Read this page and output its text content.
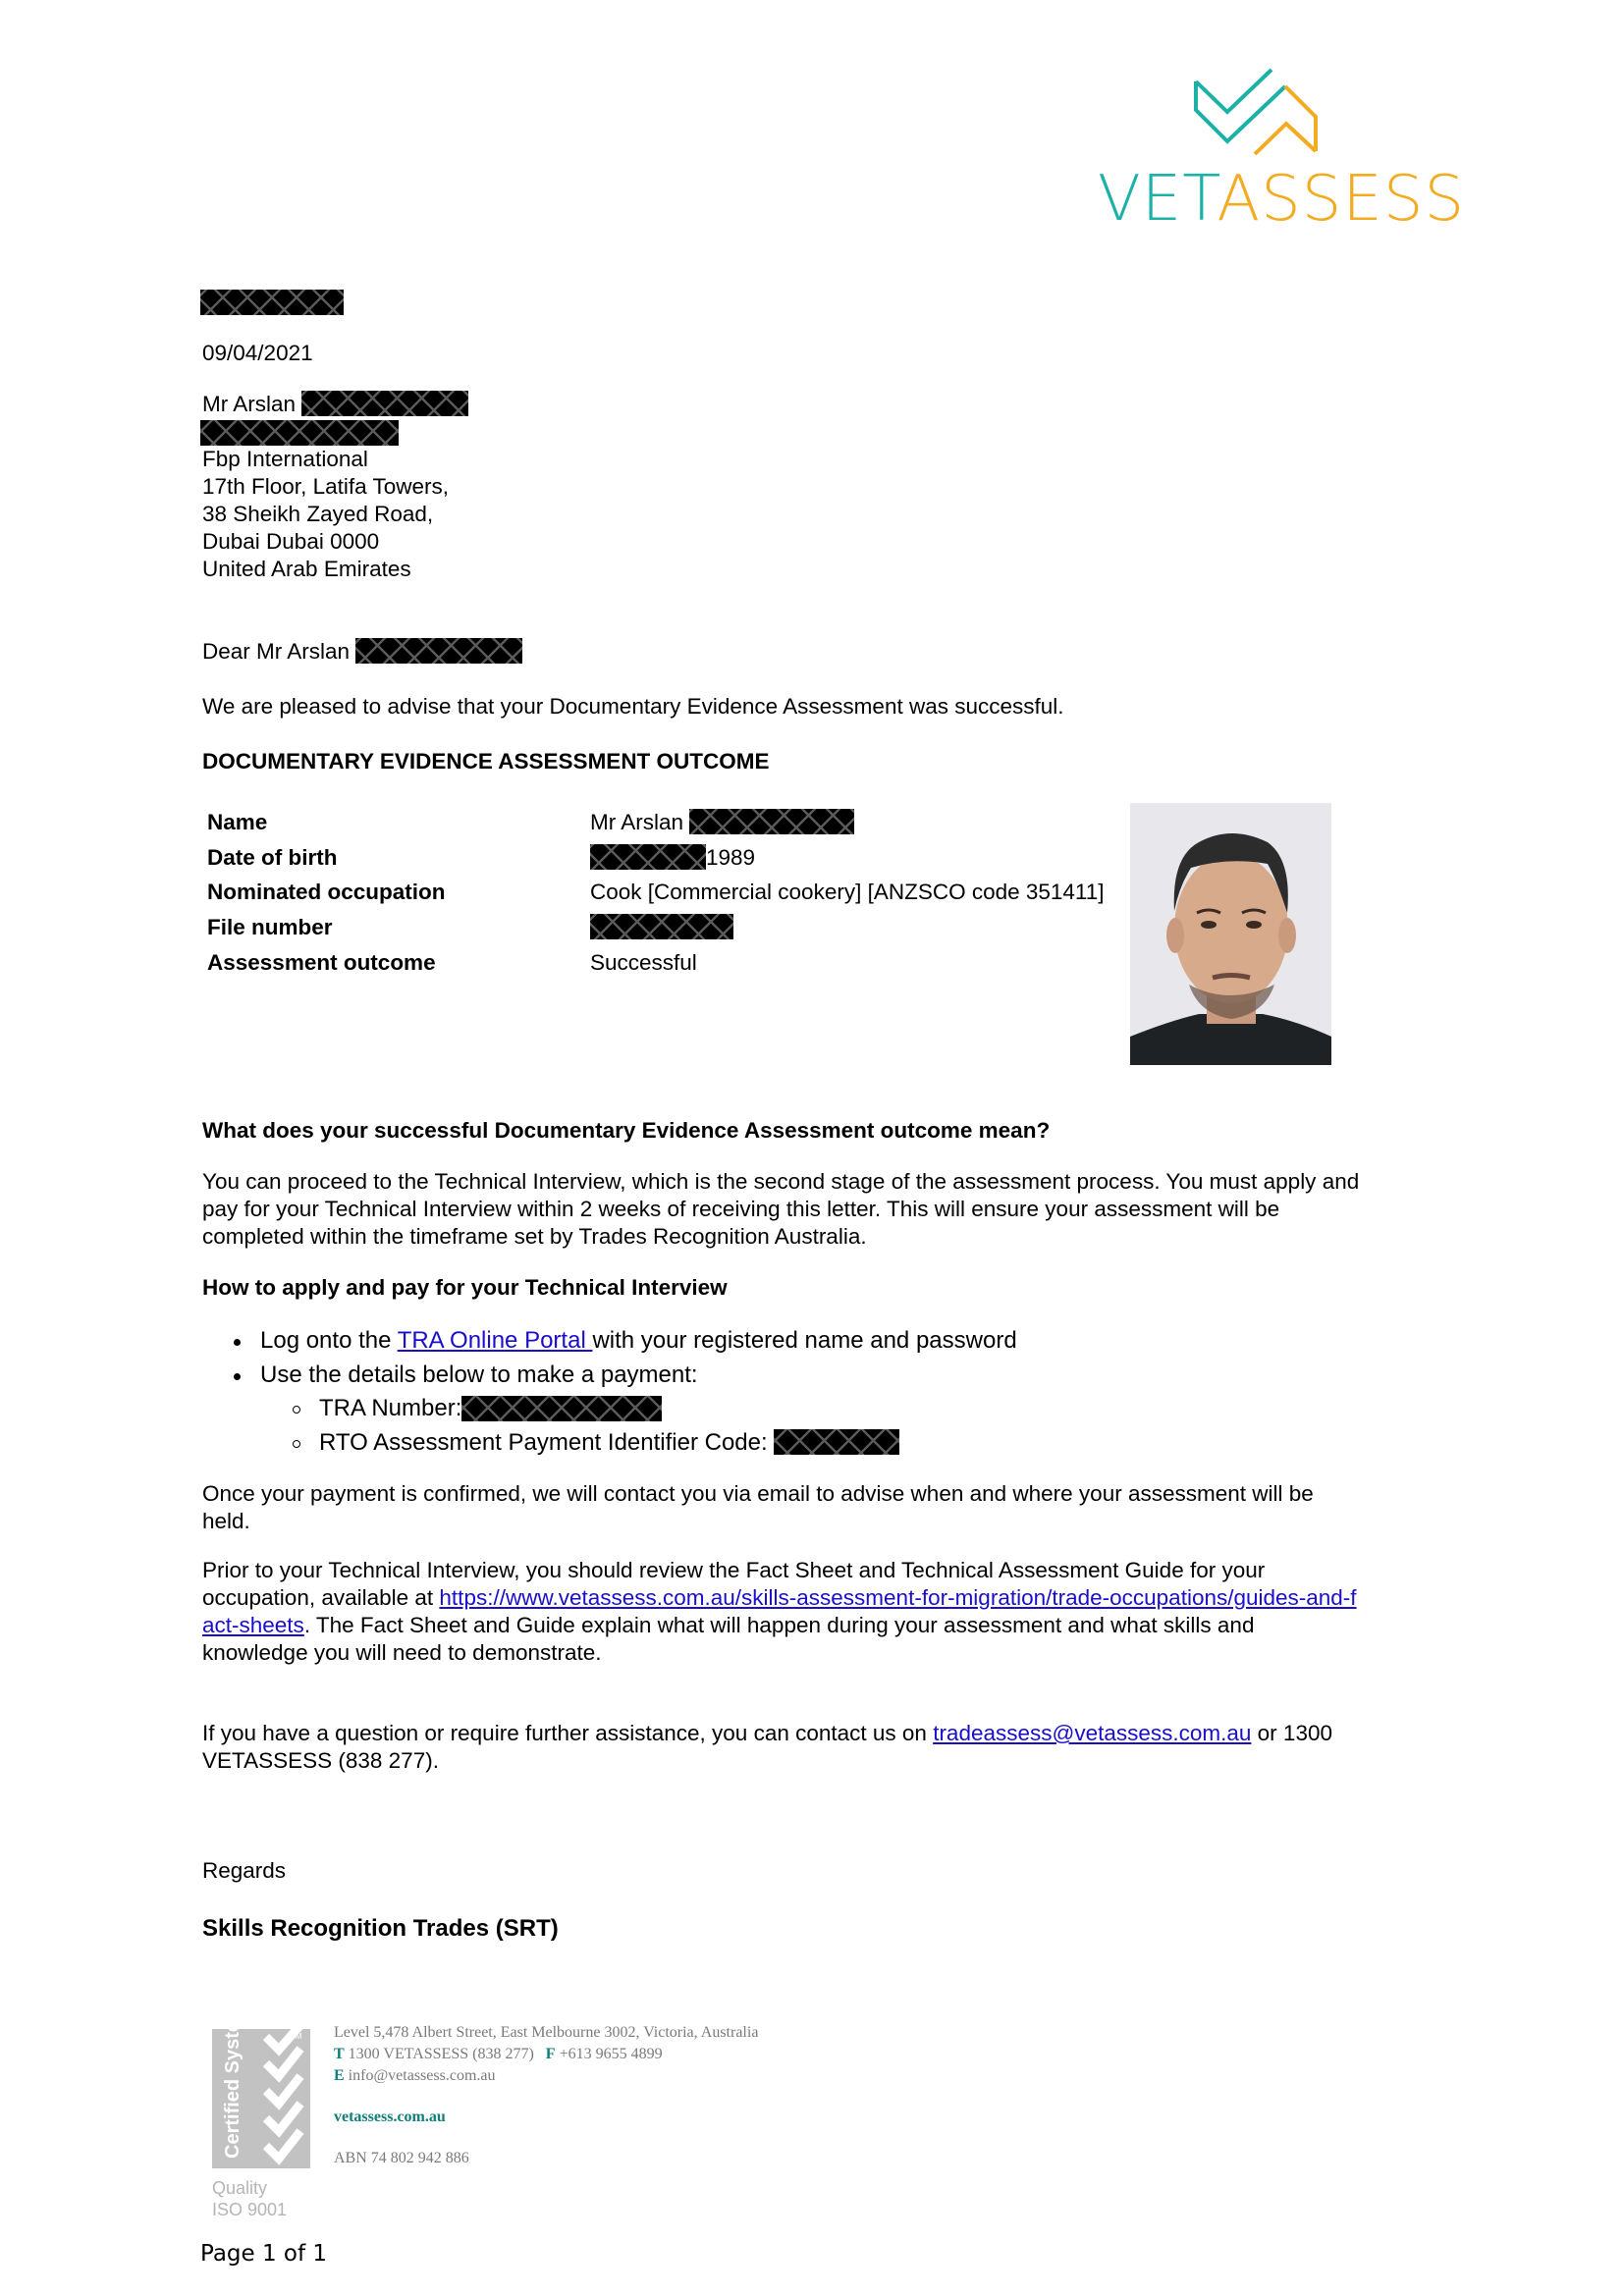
VETASSESS
09/04/2021
Mr Arslan
Fbp International
17th Floor, Latifa Towers,
38 Sheikh Zayed Road,
Dubai Dubai 0000
United Arab Emirates
Dear Mr Arslan
We are pleased to advise that your Documentary Evidence Assessment was successful.
DOCUMENTARY EVIDENCE ASSESSMENT OUTCOME
Name	Mr Arslan
Date of birth	1989
Nominated occupation	Cook [Commercial cookery] [ANZSCO code 351411]
File number	
Assessment outcome	Successful
What does your successful Documentary Evidence Assessment outcome mean?
You can proceed to the Technical Interview, which is the second stage of the assessment process. You must apply and pay for your Technical Interview within 2 weeks of receiving this letter. This will ensure your assessment will be completed within the timeframe set by Trades Recognition Australia.
How to apply and pay for your Technical Interview
Log onto the TRA Online Portal with your registered name and password
Use the details below to make a payment:
TRA Number:
RTO Assessment Payment Identifier Code:
Once your payment is confirmed, we will contact you via email to advise when and where your assessment will be held.
Prior to your Technical Interview, you should review the Fact Sheet and Technical Assessment Guide for your occupation, available at https://www.vetassess.com.au/skills-assessment-for-migration/trade-occupations/guides-and-fact-sheets. The Fact Sheet and Guide explain what will happen during your assessment and what skills and knowledge you will need to demonstrate.
If you have a question or require further assistance, you can contact us on tradeassess@vetassess.com.au or 1300 VETASSESS (838 277).
Regards
Skills Recognition Trades (SRT)
Certified System	TM
Quality
ISO 9001
Level 5,478 Albert Street, East Melbourne 3002, Victoria, Australia
T 1300 VETASSESS (838 277) F +613 9655 4899
E info@vetassess.com.au
vetassess.com.au
ABN 74 802 942 886
Page 1 of 1
